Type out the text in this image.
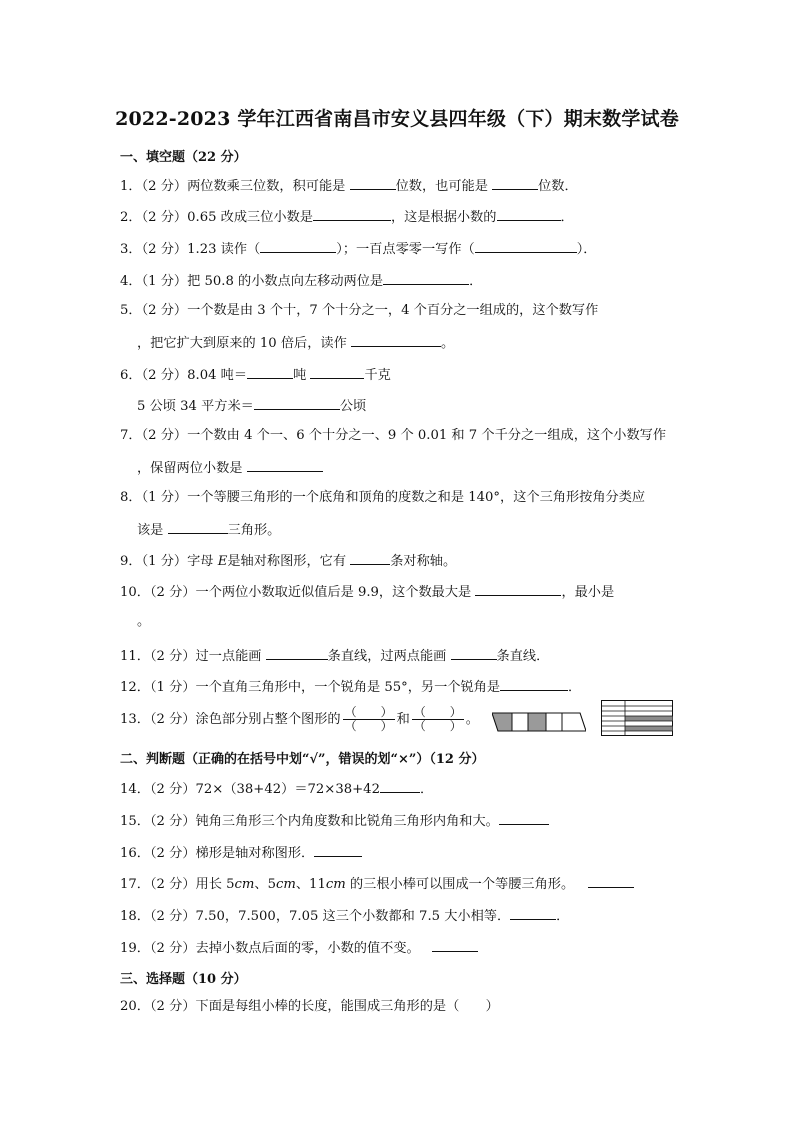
2022-2023 学年江西省南昌市安义县四年级（下）期末数学试卷
一、填空题（22 分）
1．（2 分）两位数乘三位数，积可能是	位数，也可能是	位数．
2．（2 分）0.65 改成三位小数是	，这是根据小数的	．
3．（2 分）1.23 读作（	）；一百点零零一写作（	）．
4．（1 分）把 50.8 的小数点向左移动两位是	．
5．（2 分）一个数是由 3 个十，7 个十分之一，4 个百分之一组成的，这个数写作
，把它扩大到原来的 10 倍后，读作	。
6．（2 分）8.04 吨＝	吨	千克
5 公顷 34 平方米＝	公顷
7．（2 分）一个数由 4 个一、6 个十分之一、9 个 0.01 和 7 个千分之一组成，这个小数写作
，保留两位小数是
8．（1 分）一个等腰三角形的一个底角和顶角的度数之和是 140°，这个三角形按角分类应
该是	三角形。
9．（1 分）字母 E是轴对称图形，它有	条对称轴。
10．（2 分）一个两位小数取近似值后是 9.9，这个数最大是	，最小是
。
11．（2 分）过一点能画	条直线，过两点能画	条直线．
12．（1 分）一个直角三角形中，一个锐角是 55°，另一个锐角是	．
13．（2 分）涂色部分别占整个图形的 $\frac{( )}{( )}$ 和 $\frac{( )}{( )}$ 。
二、判断题（正确的在括号中划“√”，错误的划“×”）（12 分）
14．（2 分）72×（38+42）＝72×38+42	．
15．（2 分）钝角三角形三个内角度数和比锐角三角形内角和大。
16．（2 分）梯形是轴对称图形．
17．（2 分）用长 5cm、5cm、11cm 的三根小棒可以围成一个等腰三角形。
18．（2 分）7.50，7.500，7.05 这三个小数都和 7.5 大小相等．	．
19．（2 分）去掉小数点后面的零，小数的值不变。
三、选择题（10 分）
20．（2 分）下面是每组小棒的长度，能围成三角形的是（　　）
